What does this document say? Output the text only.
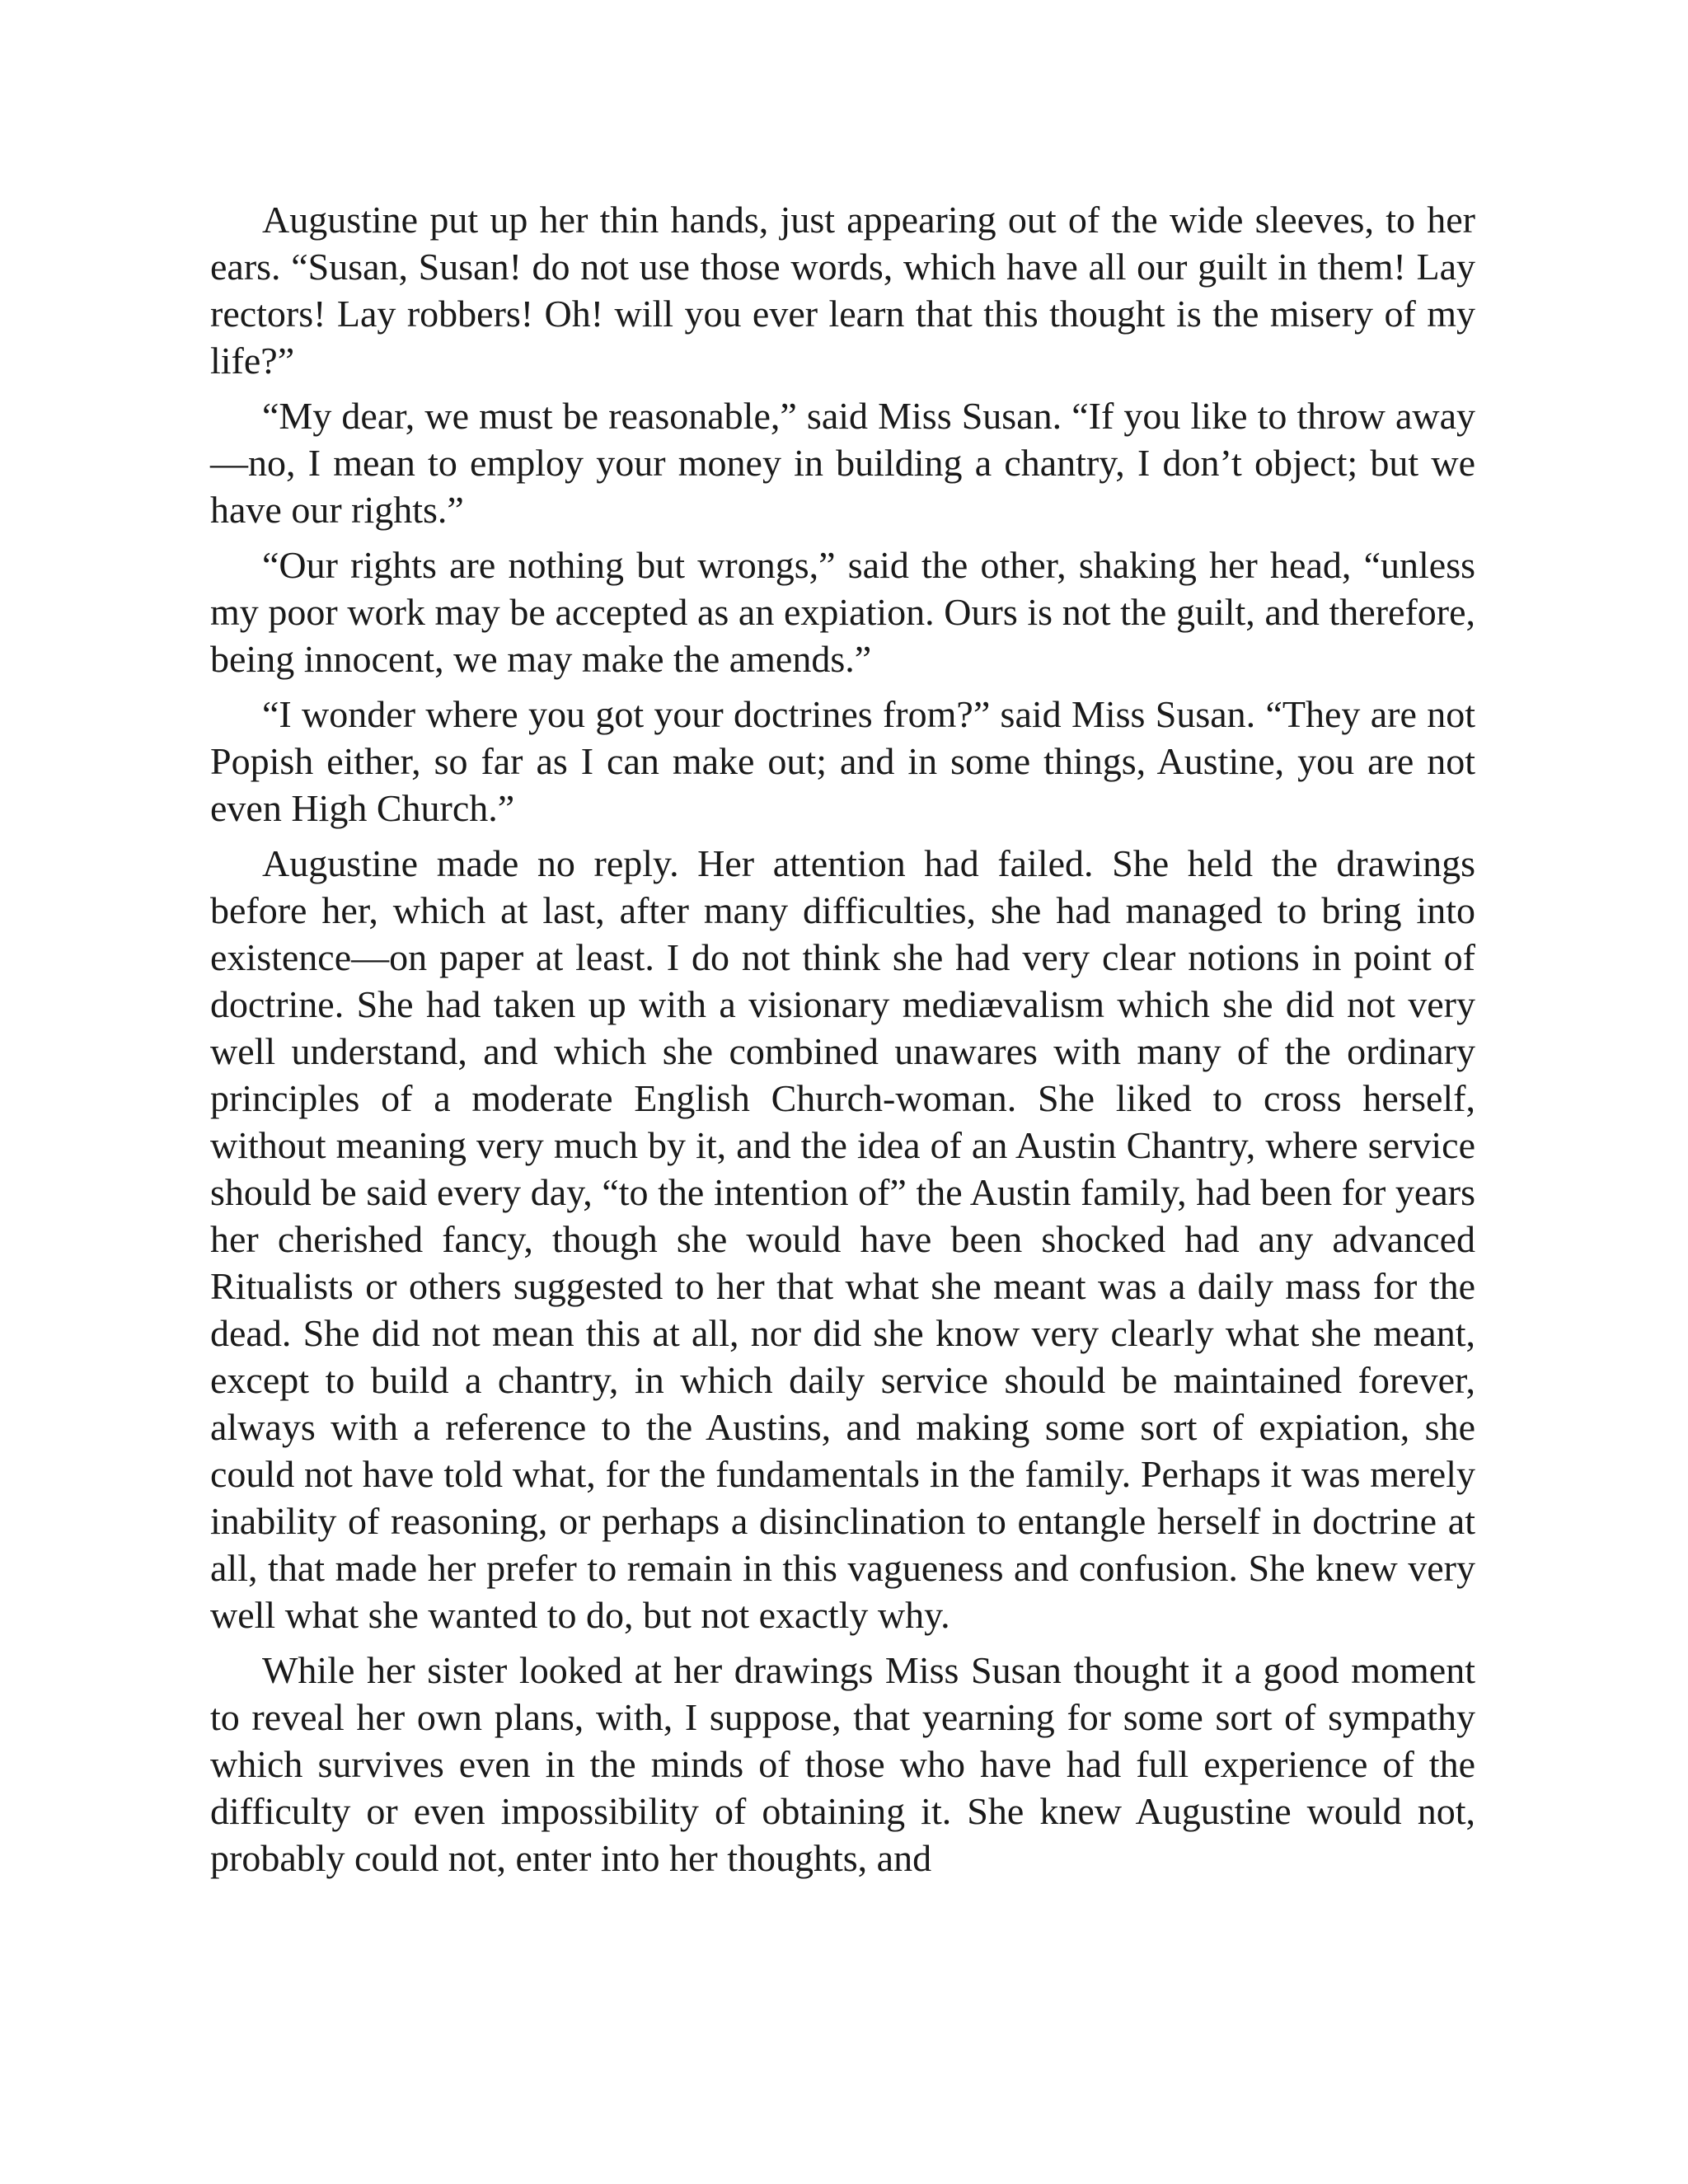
Augustine put up her thin hands, just appearing out of the wide sleeves, to her ears. “Susan, Susan! do not use those words, which have all our guilt in them! Lay rectors! Lay robbers! Oh! will you ever learn that this thought is the misery of my life?”

“My dear, we must be reasonable,” said Miss Susan. “If you like to throw away—no, I mean to employ your money in building a chantry, I don’t object; but we have our rights.”

“Our rights are nothing but wrongs,” said the other, shaking her head, “unless my poor work may be accepted as an expiation. Ours is not the guilt, and therefore, being innocent, we may make the amends.”

“I wonder where you got your doctrines from?” said Miss Susan. “They are not Popish either, so far as I can make out; and in some things, Austine, you are not even High Church.”

Augustine made no reply. Her attention had failed. She held the drawings before her, which at last, after many difficulties, she had managed to bring into existence—on paper at least. I do not think she had very clear notions in point of doctrine. She had taken up with a visionary mediævalism which she did not very well understand, and which she combined unawares with many of the ordinary principles of a moderate English Church-woman. She liked to cross herself, without meaning very much by it, and the idea of an Austin Chantry, where service should be said every day, “to the intention of” the Austin family, had been for years her cherished fancy, though she would have been shocked had any advanced Ritualists or others suggested to her that what she meant was a daily mass for the dead. She did not mean this at all, nor did she know very clearly what she meant, except to build a chantry, in which daily service should be maintained forever, always with a reference to the Austins, and making some sort of expiation, she could not have told what, for the fundamentals in the family. Perhaps it was merely inability of reasoning, or perhaps a disinclination to entangle herself in doctrine at all, that made her prefer to remain in this vagueness and confusion. She knew very well what she wanted to do, but not exactly why.

While her sister looked at her drawings Miss Susan thought it a good moment to reveal her own plans, with, I suppose, that yearning for some sort of sympathy which survives even in the minds of those who have had full experience of the difficulty or even impossibility of obtaining it. She knew Augustine would not, probably could not, enter into her thoughts, and
